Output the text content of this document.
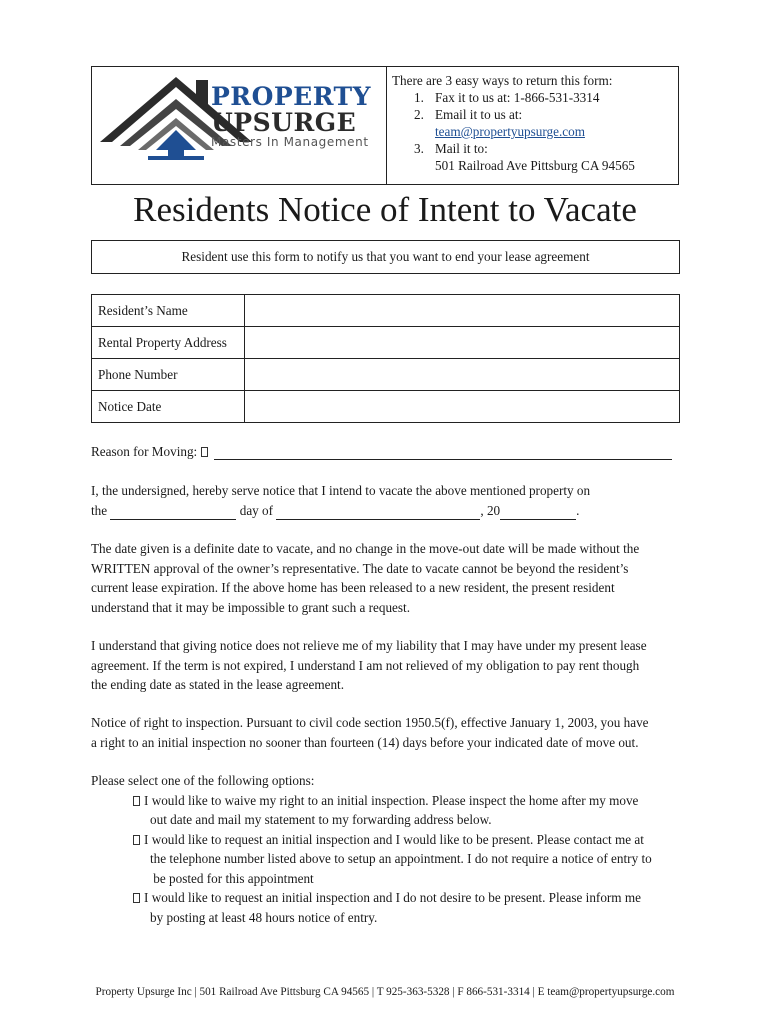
PROPERTY
UPSURGE
Masters In Management
There are 3 easy ways to return this form:
1. Fax it to us at: 1-866-531-3314
2. Email it to us at:
team@propertyupsurge.com
3. Mail it to:
501 Railroad Ave Pittsburg CA 94565
Residents Notice of Intent to Vacate
Resident use this form to notify us that you want to end your lease agreement
Resident’s Name	
Rental Property Address	
Phone Number	
Notice Date	
Reason for Moving:
I, the undersigned, hereby serve notice that I intend to vacate the above mentioned property on
the	day of	, 20	.
The date given is a definite date to vacate, and no change in the move-out date will be made without the
WRITTEN approval of the owner’s representative. The date to vacate cannot be beyond the resident’s
current lease expiration. If the above home has been released to a new resident, the present resident
understand that it may be impossible to grant such a request.
I understand that giving notice does not relieve me of my liability that I may have under my present lease
agreement. If the term is not expired, I understand I am not relieved of my obligation to pay rent though
the ending date as stated in the lease agreement.
Notice of right to inspection. Pursuant to civil code section 1950.5(f), effective January 1, 2003, you have
a right to an initial inspection no sooner than fourteen (14) days before your indicated date of move out.
Please select one of the following options:
I would like to waive my right to an initial inspection. Please inspect the home after my move
out date and mail my statement to my forwarding address below.
I would like to request an initial inspection and I would like to be present. Please contact me at
the telephone number listed above to setup an appointment. I do not require a notice of entry to
be posted for this appointment
I would like to request an initial inspection and I do not desire to be present. Please inform me
by posting at least 48 hours notice of entry.
Property Upsurge Inc | 501 Railroad Ave Pittsburg CA 94565 | T 925-363-5328 | F 866-531-3314 | E team@propertyupsurge.com
